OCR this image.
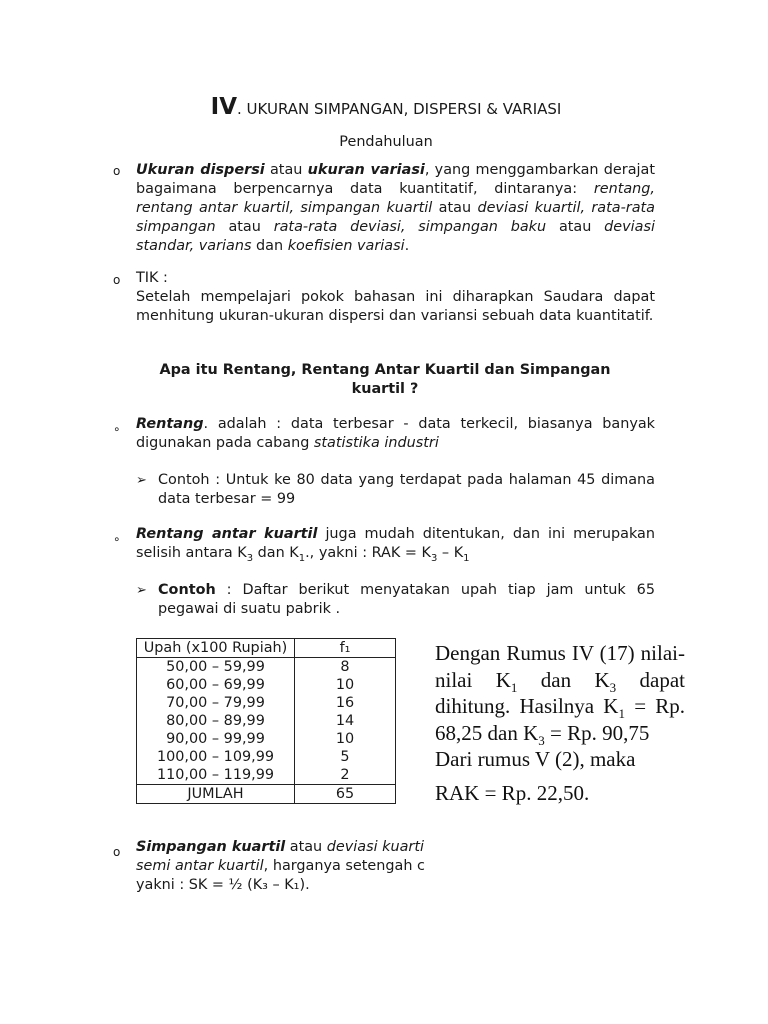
IV. UKURAN SIMPANGAN, DISPERSI & VARIASI
Pendahuluan
o	Ukuran dispersi atau ukuran variasi, yang menggambarkan derajat bagaimana berpencarnya data kuantitatif, dintaranya: rentang, rentang antar kuartil, simpangan kuartil atau deviasi kuartil, rata-rata simpangan atau rata-rata deviasi, simpangan baku atau deviasi standar, varians dan koefisien variasi.
o	TIK :
Setelah mempelajari pokok bahasan ini diharapkan Saudara dapat menhitung ukuran-ukuran dispersi dan variansi sebuah data kuantitatif.
Apa itu Rentang, Rentang Antar Kuartil dan Simpangan kuartil ?
∘	Rentang. adalah : data terbesar - data terkecil, biasanya banyak digunakan pada cabang statistika industri
➢ Contoh : Untuk ke 80 data yang terdapat pada halaman 45 dimana data terbesar = 99
∘	Rentang antar kuartil juga mudah ditentukan, dan ini merupakan selisih antara $K_3$ dan $K_1$., yakni : RAK = $K_3 - K_1$
➢ Contoh : Daftar berikut menyatakan upah tiap jam untuk 65 pegawai di suatu pabrik .
Upah (x100 Rupiah)	f₁
50,00 – 59,99	8
60,00 – 69,99	10
70,00 – 79,99	16
80,00 – 89,99	14
90,00 – 99,99	10
100,00 – 109,99	5
110,00 – 119,99	2
JUMLAH	65
o	Simpangan kuartil atau deviasi kuarti
semi antar kuartil, harganya setengah c
yakni : SK = ½ (K₃ – K₁).
Dengan Rumus IV (17) nilai-nilai $K_1$ dan $K_3$ dapat dihitung. Hasilnya $K_1 = Rp$. 68,25 dan $K_3 = Rp$. 90,75
Dari rumus V (2), maka
RAK = Rp. 22,50.
